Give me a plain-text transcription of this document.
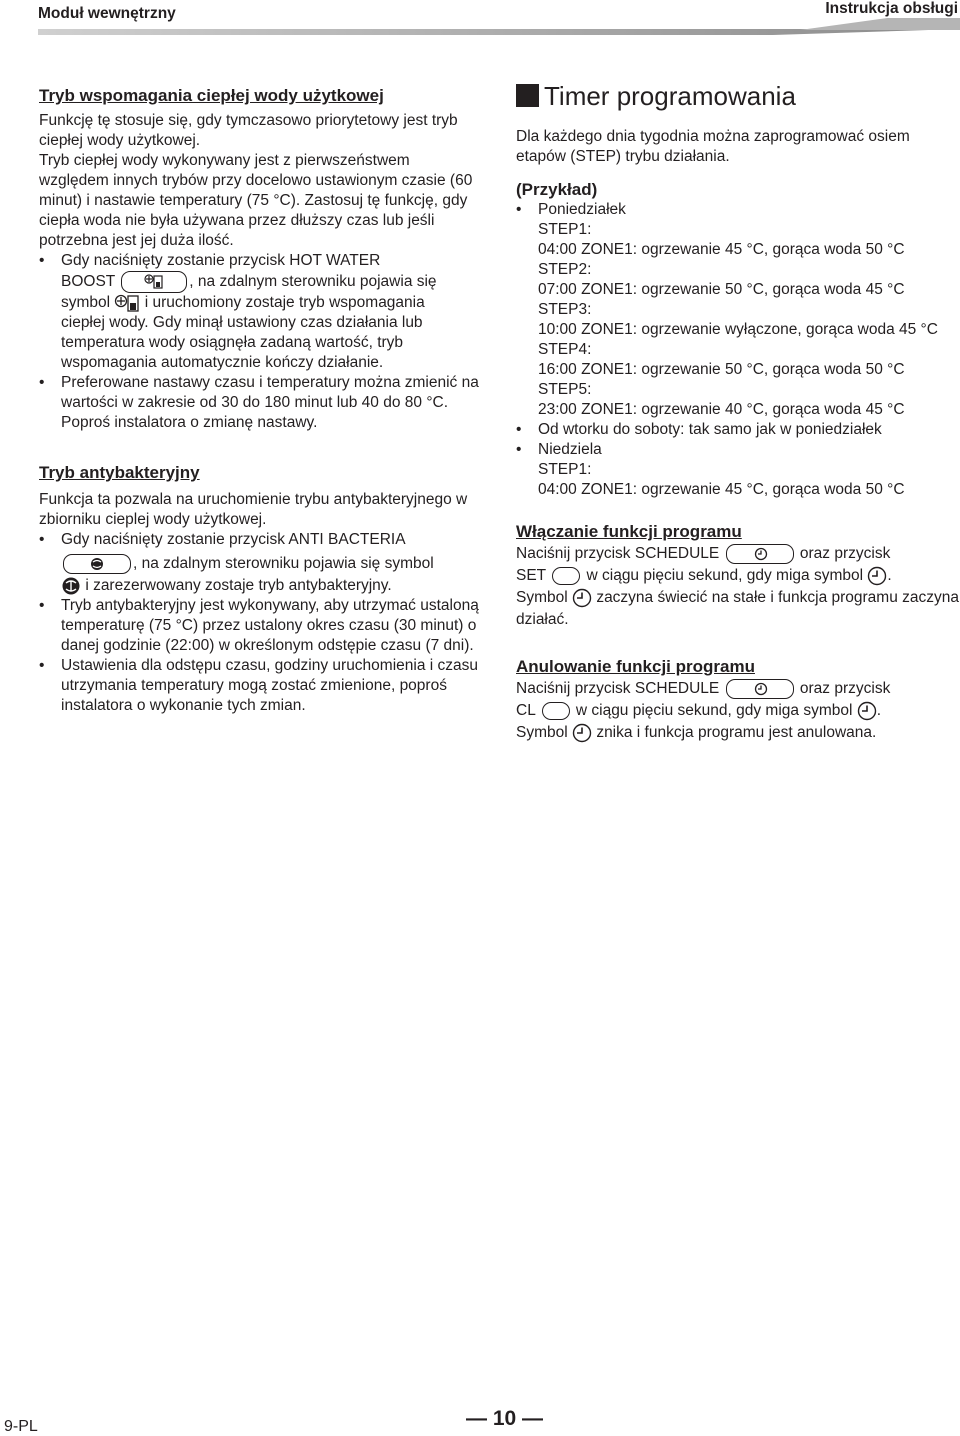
Moduł wewnętrzny	Instrukcja obsługi

Tryb wspomagania ciepłej wody użytkowej

Funkcję tę stosuje się, gdy tymczasowo priorytetowy jest tryb ciepłej wody użytkowej.

Tryb ciepłej wody wykonywany jest z pierwszeństwem względem innych trybów przy docelowo ustawionym czasie (60 minut) i nastawie temperatury (75 °C). Zastosuj tę funkcję, gdy ciepła woda nie była używana przez dłuższy czas lub jeśli potrzebna jest jej duża ilość.

• Gdy naciśnięty zostanie przycisk HOT WATER
BOOST	, na zdalnym sterowniku pojawia się
symbol i uruchomiony zostaje tryb wspomagania
ciepłej wody. Gdy minął ustawiony czas działania lub temperatura wody osiągnęła zadaną wartość, tryb wspomagania automatycznie kończy działanie.
• Preferowane nastawy czasu i temperatury można zmienić na wartości w zakresie od 30 do 180 minut lub 40 do 80 °C. Poproś instalatora o zmianę nastawy.

Tryb antybakteryjny

Funkcja ta pozwala na uruchomienie trybu antybakteryjnego w zbiorniku cieplej wody użytkowej.

• Gdy naciśnięty zostanie przycisk ANTI BACTERIA

, na zdalnym sterowniku pojawia się symbol
i zarezerwowany zostaje tryb antybakteryjny.
• Tryb antybakteryjny jest wykonywany, aby utrzymać ustaloną temperaturę (75 °C) przez ustalony okres czasu (30 minut) o danej godzinie (22:00) w określonym odstępie czasu (7 dni).
• Ustawienia dla odstępu czasu, godziny uruchomienia i czasu utrzymania temperatury mogą zostać zmienione, poproś instalatora o wykonanie tych zmian.
Timer programowania

Dla każdego dnia tygodnia można zaprogramować osiem etapów (STEP) trybu działania.

(Przykład)

• Poniedziałek

STEP1:

04:00 ZONE1: ogrzewanie 45 °C, gorąca woda 50 °C

STEP2:

07:00 ZONE1: ogrzewanie 50 °C, gorąca woda 45 °C

STEP3:

10:00 ZONE1: ogrzewanie wyłączone, gorąca woda 45 °C

STEP4:

16:00 ZONE1: ogrzewanie 50 °C, gorąca woda 50 °C

STEP5:

23:00 ZONE1: ogrzewanie 40 °C, gorąca woda 45 °C

• Od wtorku do soboty: tak samo jak w poniedziałek
• Niedziela

STEP1:

04:00 ZONE1: ogrzewanie 45 °C, gorąca woda 50 °C

Włączanie funkcji programu

Naciśnij przycisk SCHEDULE	oraz przycisk
SET	w ciągu pięciu sekund, gdy miga symbol .
Symbol zaczyna świecić na stałe i funkcja programu zaczyna działać.

Anulowanie funkcji programu

Naciśnij przycisk SCHEDULE	oraz przycisk
CL	w ciągu pięciu sekund, gdy miga symbol .
Symbol znika i funkcja programu jest anulowana.
9-PL	— 10 —
